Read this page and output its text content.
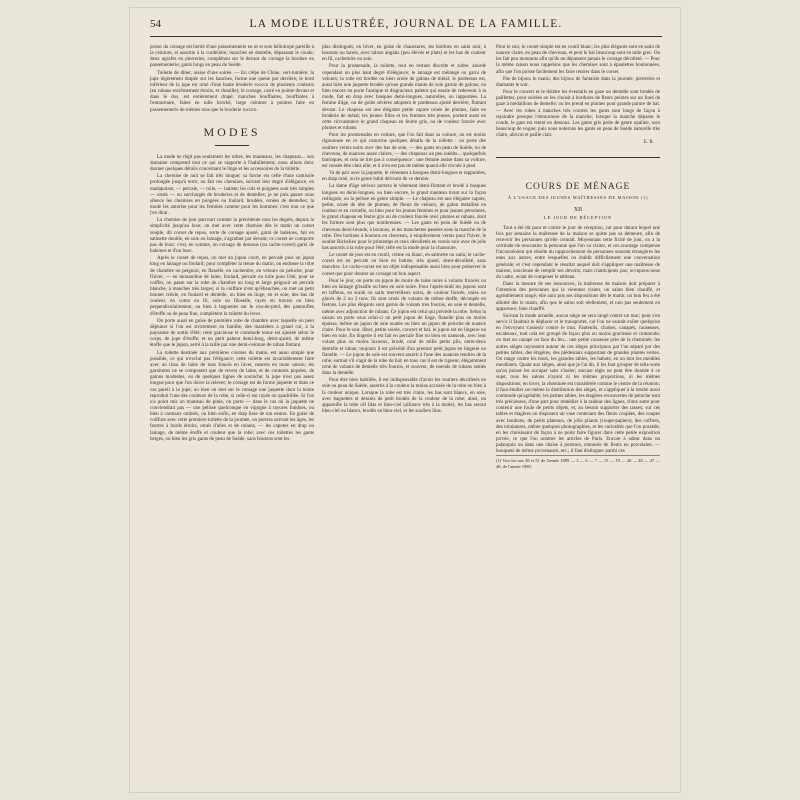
54	LA MODE ILLUSTRÉE, JOURNAL DE LA FAMILLE.

prieur du corsage est bordé d'une passementerie en or et soie héliotrope pareille à la ceinture, et assortie à la cordelière; manches en dentelle, dépassant le coude; deux agrafes en pierreries, complétant sur le devant du corsage la bordure en passementerie; gants longs en peau de Suède.

Toilette de dîner, assise d'une soirée. — En crêpe de Chine, vert-lumière; la jupe légèrement drapée sur les hanches, forme une queue par derrière; le bord inférieur de la jupe est orné d'une haute broderie rococo de plusieurs couleurs (en rubans extrêmement étroits, et chenille); le corsage, carré en pointe devant et dans le dos, est entièrement drapé; manches bouffantes, bouffantes à l'entournure, faites en tulle broché, large ceinture à pointes faite en passementerie de mêmes tons que la broderie rococo.

MODES

La mode ne règit pas seulement les robes, les manteaux, les chapeaux... son domaine comprend tout ce qui se rapporte à l'habillement; nous allons donc donner quelques détails concernant le linge et les accessoires de la toilette.

La chemise de nuit se fait très longue; sa forme est celle d'une camisole prolongée jusqu'à terre; on fait ces chemises, suivant leur degré d'élégance, en madapolam, — percale, — toile, — batiste; les cols et poignets sont très simples — ornés — ou surchargés de broderies et de dentelles; je ne puis passer sous silence les chemises en pongées ou foulard, brodées, ornées de dentelles; la mode les autorise pour les femmes comme pour les hommes; c'est tout ce que j'en dirai.

La chemise de jour parcourt comme la précédente tous les degrés, depuis la simplicité jusqu'au luxe; on met avec cette chemise dès le matin un corset souple, dit corset de repos, sorte de corsage ajusté, garni de baleines, fait en satinette double, en soie ou lainage, s'agrafant par devant; ce corset ne comporte pas de busc; c'est, en somme, un corsage de dessous (ou cache-corset) garni de baleines et d'un busc.

Après le corset de repos, on met un jupon court, en percale puis un jupon long en lainage ou foulard; pour compléter la tenue du matin, on endosse la robe de chambre ou peignoir, en flanelle, en cachemire, en velours ou peluche, pour l'hiver, — en mousseline de laine, foulard, percale ou toile pour l'été; pour se coiffer, on passe sur la robe de chambre un long et large peignoir en percale blanche, à manches très larges; si la coiffure n'est qu'ébauchée, on met un petit bonnet créole, en foulard et dentelle, ou bien en linge, en et soie; des bas de couleur, en coton ou fil, soie ou filoselle, rayés en travers ou bien perpendiculairement, ou bien à baguettes sur le cou-de-pied, des pantoufles d'étoffe ou de peau fine, complètent la toilette du lever.

On porte aussi en guise de première robe de chambre avec laquelle on peut déjeuner si l'on est strictement en famille, des mantelets à grand col, à la paysanne de sortie d'été; cette gracieuse et commode tenue est ajustée selon le corps, de jupe d'étoffe; et un petit paletot demi-long, demi-ajusté, de même étoffe que le jupon, serré à la taille par une demi-ceinture de ruban flottant.

La toilette destinée aux premières courses du matin, est aussi simple que possible, ce qui n'exclut pas l'élégance; cette toilette est invariablement faite avec un tissu de laine de tons foncés en hiver, neutres en toute saison; les garnitures ne se composent que de revers de laine, et de coutures piquées, de galons modestes, ou de quelques lignes de soutache; la jupe n'est pas assez longue pour que l'on doive la relever; le corsage est de forme jaquette et dans ce cas pareil à la jupe; ou bien on met sur le corsage une jaquette dont la teinte reproduit l'une des couleurs de la robe, si celle-ci est rayée ou quadrillée. Si l'on n'a point mis un manteau de pluie, on porte — dans le cas où la jaquette ne conviendrait pas — une pelisse quelconque en vigogne à rayures fondues, ou bien à carreaux ombrés, ou bien enfin, en drap lisse de ton neutre. En guise de coiffure avec cette première toilette de la journée, on portera suivant les âges, les feutres à bords étroits, ornés d'ailes et de rubans, — les capotes en drap ou lainage, de même étoffe et couleur que la robe; avec ces toilettes les gants beiges, ou bien les gris gants de peau de Suède, sans boutons sont les

plus distingués; en hiver, en guise de chaussures, les bottines en satin noir, à boutons ou lacets, avec talons anglais (peu élevés et plats) et les bas de couleur en fil, cachemire ou soie.

Pour la promenade, la toilette, tout en restant discrète et sobre, aborde cependant un plus haut degré d'élégance; le lainage est mélangé ou garni de velours; la robe est bordée ou bien ornée de galons de métal; le pardessus est, aussi bien une jaquette brodée qu'une grande mante de soie garnie de galons; ou bien encore on porte l'antique et disgracieux paletot qui essaie de redevenir à la mode, fait en drap avec basques demi-longues, naturelles, ou rapportées. La femme d'âge, ou de goûts sévères adoptera le pardessus ajusté derrière, flottant devant. Le chapeau est une élégante petite capote ornée de plumes, faite en broderie de métal; les jeunes filles et les femmes très jeunes, portent aussi en cette circonstance le grand chapeau en feutre gris, ou de couleur foncée avec plumes et rubans.

Pour les promenades en voiture, que l'on fait dans sa voiture, on est moins rigoureuse en ce qui concerne quelques détails de la toilette : on porte des souliers vernis noirs avec des bas de soie, — des gants en peau de Suède, ou de chevreau, de nuances assez claires, — des chapeaux un peu inédits... quelquefois barroques, et cela ne tire pas à conséquence : une femme assise dans sa voiture, est censée être chez elle; et il n'en est pas de même quand elle circule à pied.

Va de pair avec la jaquette, le vêtement à basques demi-longues et rapportées, en drap orné, ou le genre habit dérivant de ce dernier.

La dame d'âge sérieux portera le vêtement demi-flottant et brodé à basques longues ou demi-longues, ou bien encore, le grand manteau tirant sur la façon redingote, ou la pelisse en genre simple. — Le chapeau est une élégante capote, petite, ornée de tête de plumes, de fleurs de velours, de galon métallisé en couleur et en cornelle, ou bien pour les jeunes femmes et pour jeunes personnes, le grand chapeau en feutre gris ou de couleur foncée avec plumes et rubans, dont les formes sont plus que nombreuses. — Les gants en peau de Suède ou de chevreau demi-blonde, à boutons, et les manchettes passées sous la manche de la robe. Des bottines à boutons en chevreau, à empiècement vernis pour l'hiver, le soulier Richelieu pour le printemps et ceux décolletés en vernis noir avec de jolis bas assortis à la robe pour l'été, telle est la mode pour la chaussure.

Le corset de jour est en coutil, crème ou blanc, en satinette ou satin; le cache-corset est en percale ou bien en batiste, très ajusté, demi-décolleté, sans manches. Le cache-corset est un objet indispensable aussi bien pour préserver le corset que pour donner au corsage un bon aspect.

Pour le jour, on porte un jupon de moire de laine noire à volants froncés ou bien en lainage grisaille ou bien en soie noire. Pour l'après-midi les jupons sont en taffetas, en surah ou satin merveilleux noirs, de couleur foncée, unies ou glacés de 2 ou 3 tons. Ils sont ornés de volants de même étoffe, découpés en festons. Les plus élégants sont garnis de volants tres fournis, en soie et dentelle, même avec adjonction de rubans. Ce jupon est celui qui précède la robe. Selon la saison on porte sous celui-ci un petit jupon de linge, flanelle plus ou moins épaisse, même un jupon de soie ouatée ou bien un jupon de peluche de nuance claire. Pour le soir, dîner, petite soirée, concert et bal, le jupon est en lingerie ou bien en soie. En lingerie il est fait en percale fine ou bien en nansouk, avec leur volant plus ou moins luxueux, brodé, orné de mille petits plis, entre-deux dentelle et ruban; toujours il est précédé d'un premier petit jupon en lingerie ou flanelle. — Le jupon de soie est souvent assorti à l'une des nuances tendres de la robe, surtout s'il s'agit de la robe de bal; en tous cas il est de rigueur, élégamment orné de volants de dentelle très fournis, et souvent, de noeuds de rubans semés dans la dentelle.

Pour être bien habillée, il est indispensable d'avoir les souliers décolletés en soie ou peau de Suède, assortis à la couleur la moins accusée de la robe ou bien à la couleur unique. Lorsque la robe est très claire, les bas sont blancs, en soie, avec baguettes et dessins de petit brodés de la couleur de la robe; ainsi, on appareille la robe cél lilas et bleu-ciel (alliance très à la mode), les bas seront bleu-ciel ou blancs, brodés en bleu-ciel, et les souliers lilas.

Pour le soir, le corset simple est en coutil blanc; les plus élégants sont en satin de nuance claire, en peau de chevreau, et peut le bal beaucoup sont en tulle grec. On les fait peu montants afin qu'ils ne dépassent jamais le corsage décolleté. — Pour la même raison nous rappelons que les chemises sont à épaulettes boutonnées, afin que l'on puisse facilement les faire rentrer dans le corset.

Pas de bijoux le matin; des bijoux de fantaisie dans la journée; pierreries et diamants le soir.

Pour le concert et le théâtre les éventails en gaze ou dentelle sont brodés de paillettes; pour soirées on les choisit à bordures de fleurs peintes sur un fond de gaze à médaillons de dentelle; ou les prend en plumes pour grande parure de bal. — Avec les robes à manches très courtes les gants sont longs de façon à rejoindre presque l'entournure de la manche; lorsque la manche dépasse le coude, le gant est rentré en dessous. Les gants gris perle de genre opaline, sont beaucoup de vogue; puis nous noterons les gants en peau de Suède naturelle très claire, abricot et paille clair.

E. R.
COURS DE MÉNAGE
À L'USAGE DES JEUNES MAÎTRESSES DE MAISON (1)
XII
LE JOUR DE RÉCEPTION

Tout a été dit pour et contre le jour de réception, car pour durant lequel une fois par semaine la maîtresse de la maison se quitte pas sa demeure, afin de recevoir les personnes qu'elle connaît. Moyennant cette fixité de jour, on a la certitude de rencontrer la personne que l'on va visiter, et cet avantage compense l'inconvénient qui résulte du rapprochement de personnes souvent étrangères les unes aux autres, entre lesquelles on établit difficilement une conversation générale; et c'est cependant le résultat auquel doit s'appliquer une maîtresse de maison, soucieuse de remplir ses devoirs; mais n'anticipons pas; occupons-nous du cadre, avant de composer le tableau.

Dans la mesure de ses ressources, la maîtresse de maison doit préparer à l'intention des personnes qui la viennent visiter, un salon bien chauffé, et agréablement rangé; elle aura pris ses dispositions dès le matin; un bon feu a été allumé dès le matin, afin que le salon soit réellement, et non pas seulement en apparence, bien chauffé.

Suivant la mode actuelle, aucun siège ne sera rangé contre un mur; pour s'en servir il faudrait le déplacer et le transporter, car l'on ne saurait exiler quelqu'un en l'envoyant s'asseoir contre le mur. Fauteuils, chaises, canapés, causeuses, escabeaux, tout cela est groupé de façon plus ou moins gracieuse et commode; on met un canapé ou face du feu... une petite causeuse près de la cheminée; les autres sièges rayonnent autour de ces sièges principaux par l'un séparé par des petites tables, des étagères, des piédestaux supportant de grandes plantes vertes. On range contre les murs, les grandes tables, les bahuts, en un mot les meubles meublants. Quant aux sièges, ainsi que je l'ai dit, il les faut grouper de telle sorte qu'on puisse les occuper sans s'isoler; aucune règle ne peut être donnée à ce sujet, tous les salons n'ayant ni les mêmes proportions, ni les mêmes dispositions; en hiver, la cheminée est considérée comme le centre de la réunion; il faut étudier soi-même la distribution des sièges, et s'appliquer à la rendre aussi commode qu'agréable; les petites tables, les étagères recouvertes de peluche sont très précieuses, d'une part pour remédier à la raideur des lignes, d'une autre pour contenir une foule de petits objets, et, au besoin supporter des tasses; sur ces tables et étagères on disposera un vase contenant des fleurs coupées, des coupes avec bonbons, de petits plateaux, de jolis pliants (coupe-papiers), des coffrets, des miniatures, même quelques photographies, et les curiosités que l'on possède, en les choisissant de façon à ne point faire figurer dans cette petite exposition privée, ce que l'on nomme les articles de Paris. Encore à odeur dans un palanquin ou dans une chaise à porteurs, entourée de fleurs en porcelaine, — bouquets de même provenance, etc.; il faut distinguer parmi ces

(1) Voir les nos 38 et 51 de l'année 1889 — 3 — 6 — 7 — 15 — 19 — 26 — 40 — 47 — 48, de l'année 1889.
